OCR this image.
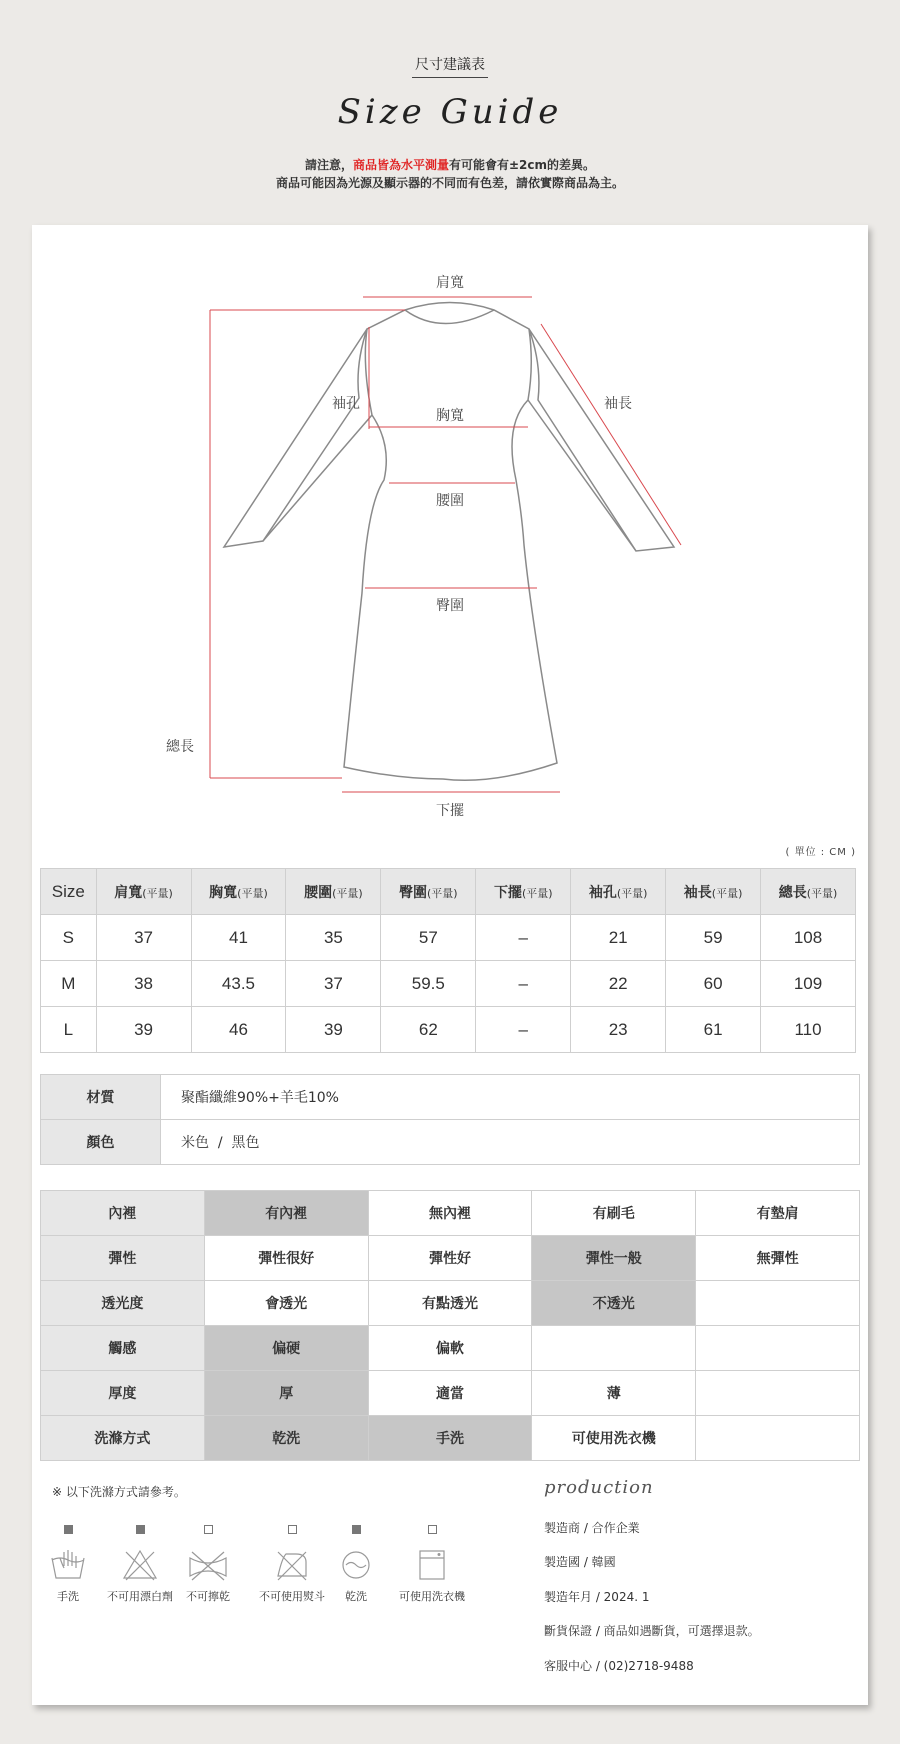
尺寸建議表
Size Guide
請注意，商品皆為水平測量有可能會有±2cm的差異。
商品可能因為光源及顯示器的不同而有色差，請依實際商品為主。
肩寬
袖孔
胸寬
袖長
腰圍
臀圍
總長
下擺
( 單位 : CM )
Size	肩寬(平量)	胸寬(平量)	腰圍(平量)	臀圍(平量)	下擺(平量)	袖孔(平量)	袖長(平量)	總長(平量)
S	37	41	35	57	–	21	59	108
M	38	43.5	37	59.5	–	22	60	109
L	39	46	39	62	–	23	61	110
材質	聚酯纖維90%+羊毛10%
顏色	米色  /  黑色
內裡	有內裡	無內裡	有刷毛	有墊肩
彈性	彈性很好	彈性好	彈性一般	無彈性
透光度	會透光	有點透光	不透光	
觸感	偏硬	偏軟		
厚度	厚	適當	薄	
洗滌方式	乾洗	手洗	可使用洗衣機	
※ 以下洗滌方式請參考。
手洗	不可用漂白劑	不可擰乾	不可使用熨斗	乾洗	可使用洗衣機
production
製造商 / 合作企業
製造國 / 韓國
製造年月 / 2024. 1
斷貨保證 / 商品如遇斷貨，可選擇退款。
客服中心 / (02)2718-9488
